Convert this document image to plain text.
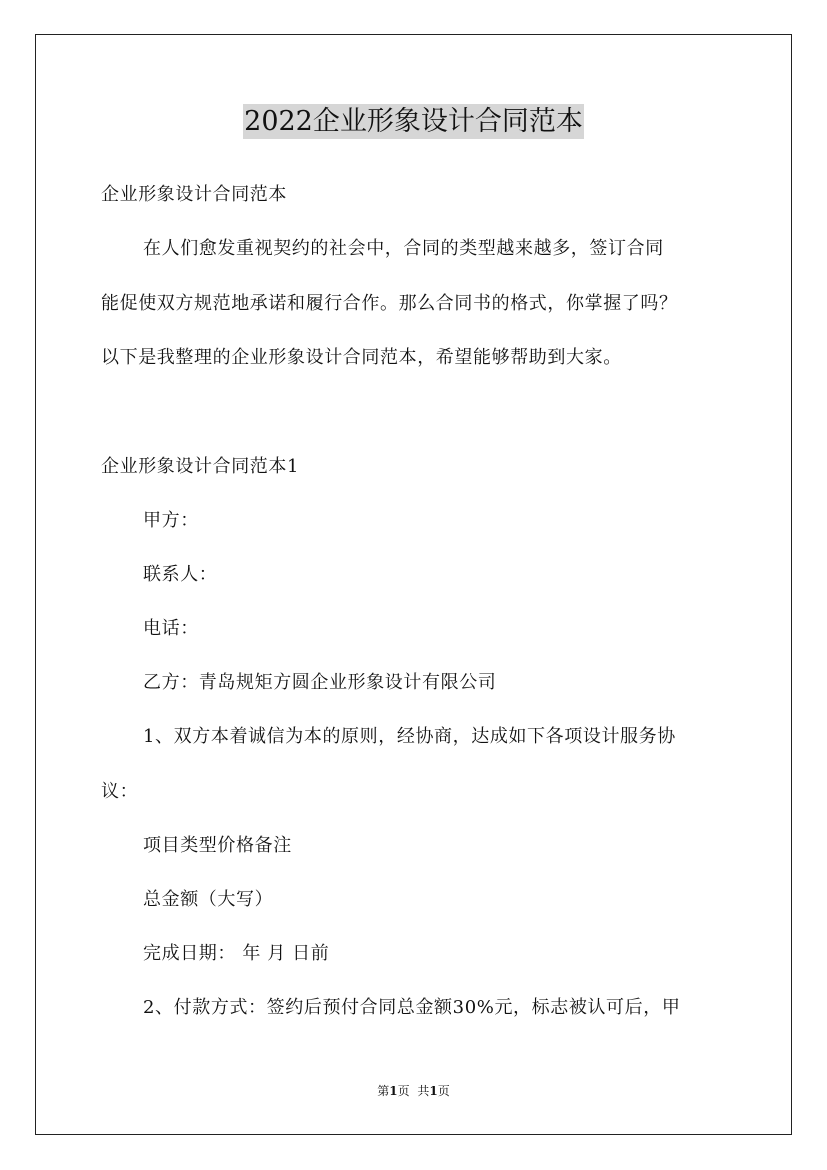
2022企业形象设计合同范本
企业形象设计合同范本
在人们愈发重视契约的社会中，合同的类型越来越多，签订合同
能促使双方规范地承诺和履行合作。那么合同书的格式，你掌握了吗？
以下是我整理的企业形象设计合同范本，希望能够帮助到大家。
企业形象设计合同范本1
甲方：
联系人：
电话：
乙方：青岛规矩方圆企业形象设计有限公司
1、双方本着诚信为本的原则，经协商，达成如下各项设计服务协
议：
项目类型价格备注
总金额（大写）
完成日期： 年 月 日前
2、付款方式：签约后预付合同总金额30%元，标志被认可后，甲
第1页 共1页
